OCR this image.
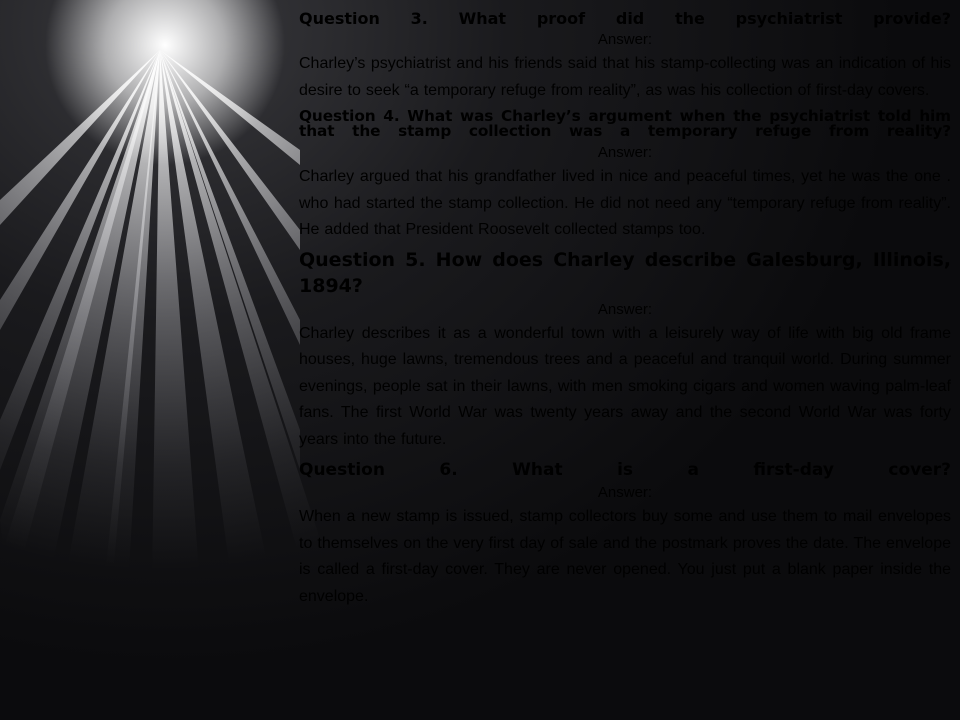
Question 3. What proof did the psychiatrist provide?

Answer:

Charley’s psychiatrist and his friends said that his stamp-collecting was an indication of his desire to seek “a temporary refuge from reality”, as was his collection of first-day covers.

Question 4. What was Charley’s argument when the psychiatrist told him that the stamp collection was a temporary refuge from reality?

Answer:

Charley argued that his grandfather lived in nice and peaceful times, yet he was the one . who had started the stamp collection. He did not need any “temporary refuge from reality”. He added that President Roosevelt collected stamps too.

Question 5. How does Charley describe Galesburg, Illinois, 1894?

Answer:

Charley describes it as a wonderful town with a leisurely way of life with big old frame houses, huge lawns, tremendous trees and a peaceful and tranquil world. During summer evenings, people sat in their lawns, with men smoking cigars and women waving palm-leaf fans. The first World War was twenty years away and the second World War was forty years into the future.

Question 6. What is a first-day cover?

Answer:

When a new stamp is issued, stamp collectors buy some and use them to mail envelopes to themselves on the very first day of sale and the postmark proves the date. The envelope is called a first-day cover. They are never opened. You just put a blank paper inside the envelope.
